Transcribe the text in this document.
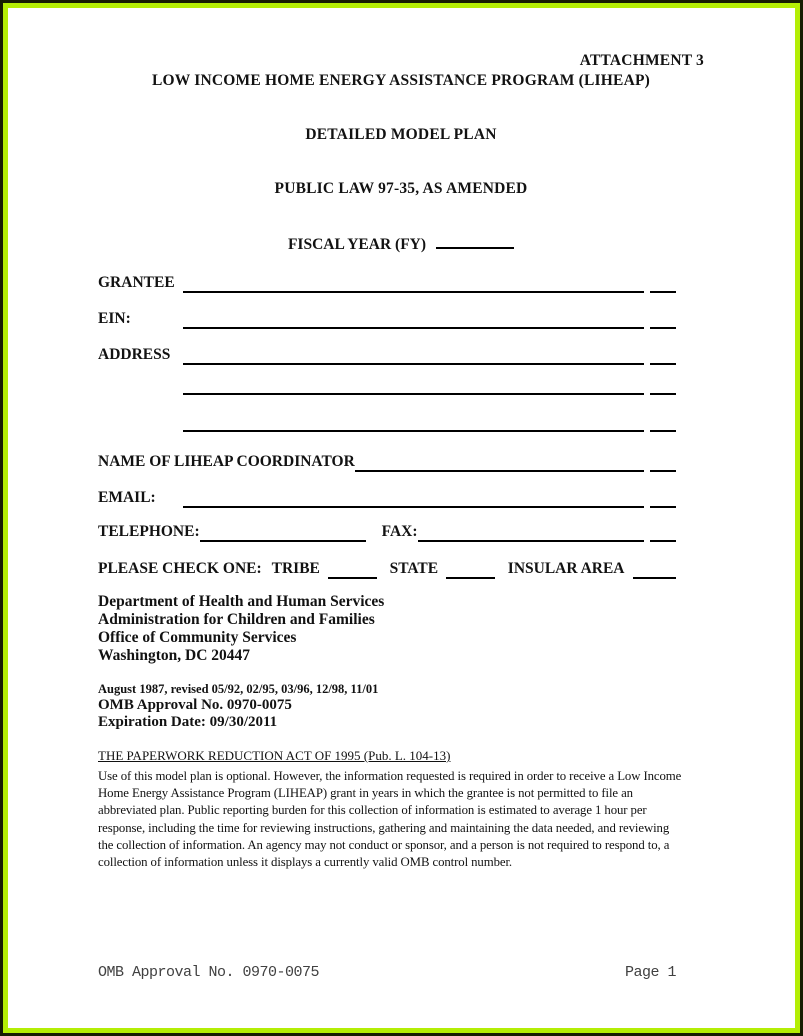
ATTACHMENT 3
LOW INCOME HOME ENERGY ASSISTANCE PROGRAM (LIHEAP)
DETAILED MODEL PLAN
PUBLIC LAW 97-35, AS AMENDED
FISCAL YEAR (FY)
GRANTEE
EIN:
ADDRESS
NAME OF LIHEAP COORDINATOR
EMAIL:
TELEPHONE:	FAX:
PLEASE CHECK ONE: TRIBE	STATE	INSULAR AREA
Department of Health and Human Services
Administration for Children and Families
Office of Community Services
Washington, DC 20447
August 1987, revised 05/92, 02/95, 03/96, 12/98, 11/01
OMB Approval No. 0970-0075
Expiration Date: 09/30/2011
THE PAPERWORK REDUCTION ACT OF 1995 (Pub. L. 104-13)
Use of this model plan is optional. However, the information requested is required in order to receive a Low Income
Home Energy Assistance Program (LIHEAP) grant in years in which the grantee is not permitted to file an
abbreviated plan. Public reporting burden for this collection of information is estimated to average 1 hour per
response, including the time for reviewing instructions, gathering and maintaining the data needed, and reviewing
the collection of information. An agency may not conduct or sponsor, and a person is not required to respond to, a
collection of information unless it displays a currently valid OMB control number.
OMB Approval No. 0970-0075	Page 1
